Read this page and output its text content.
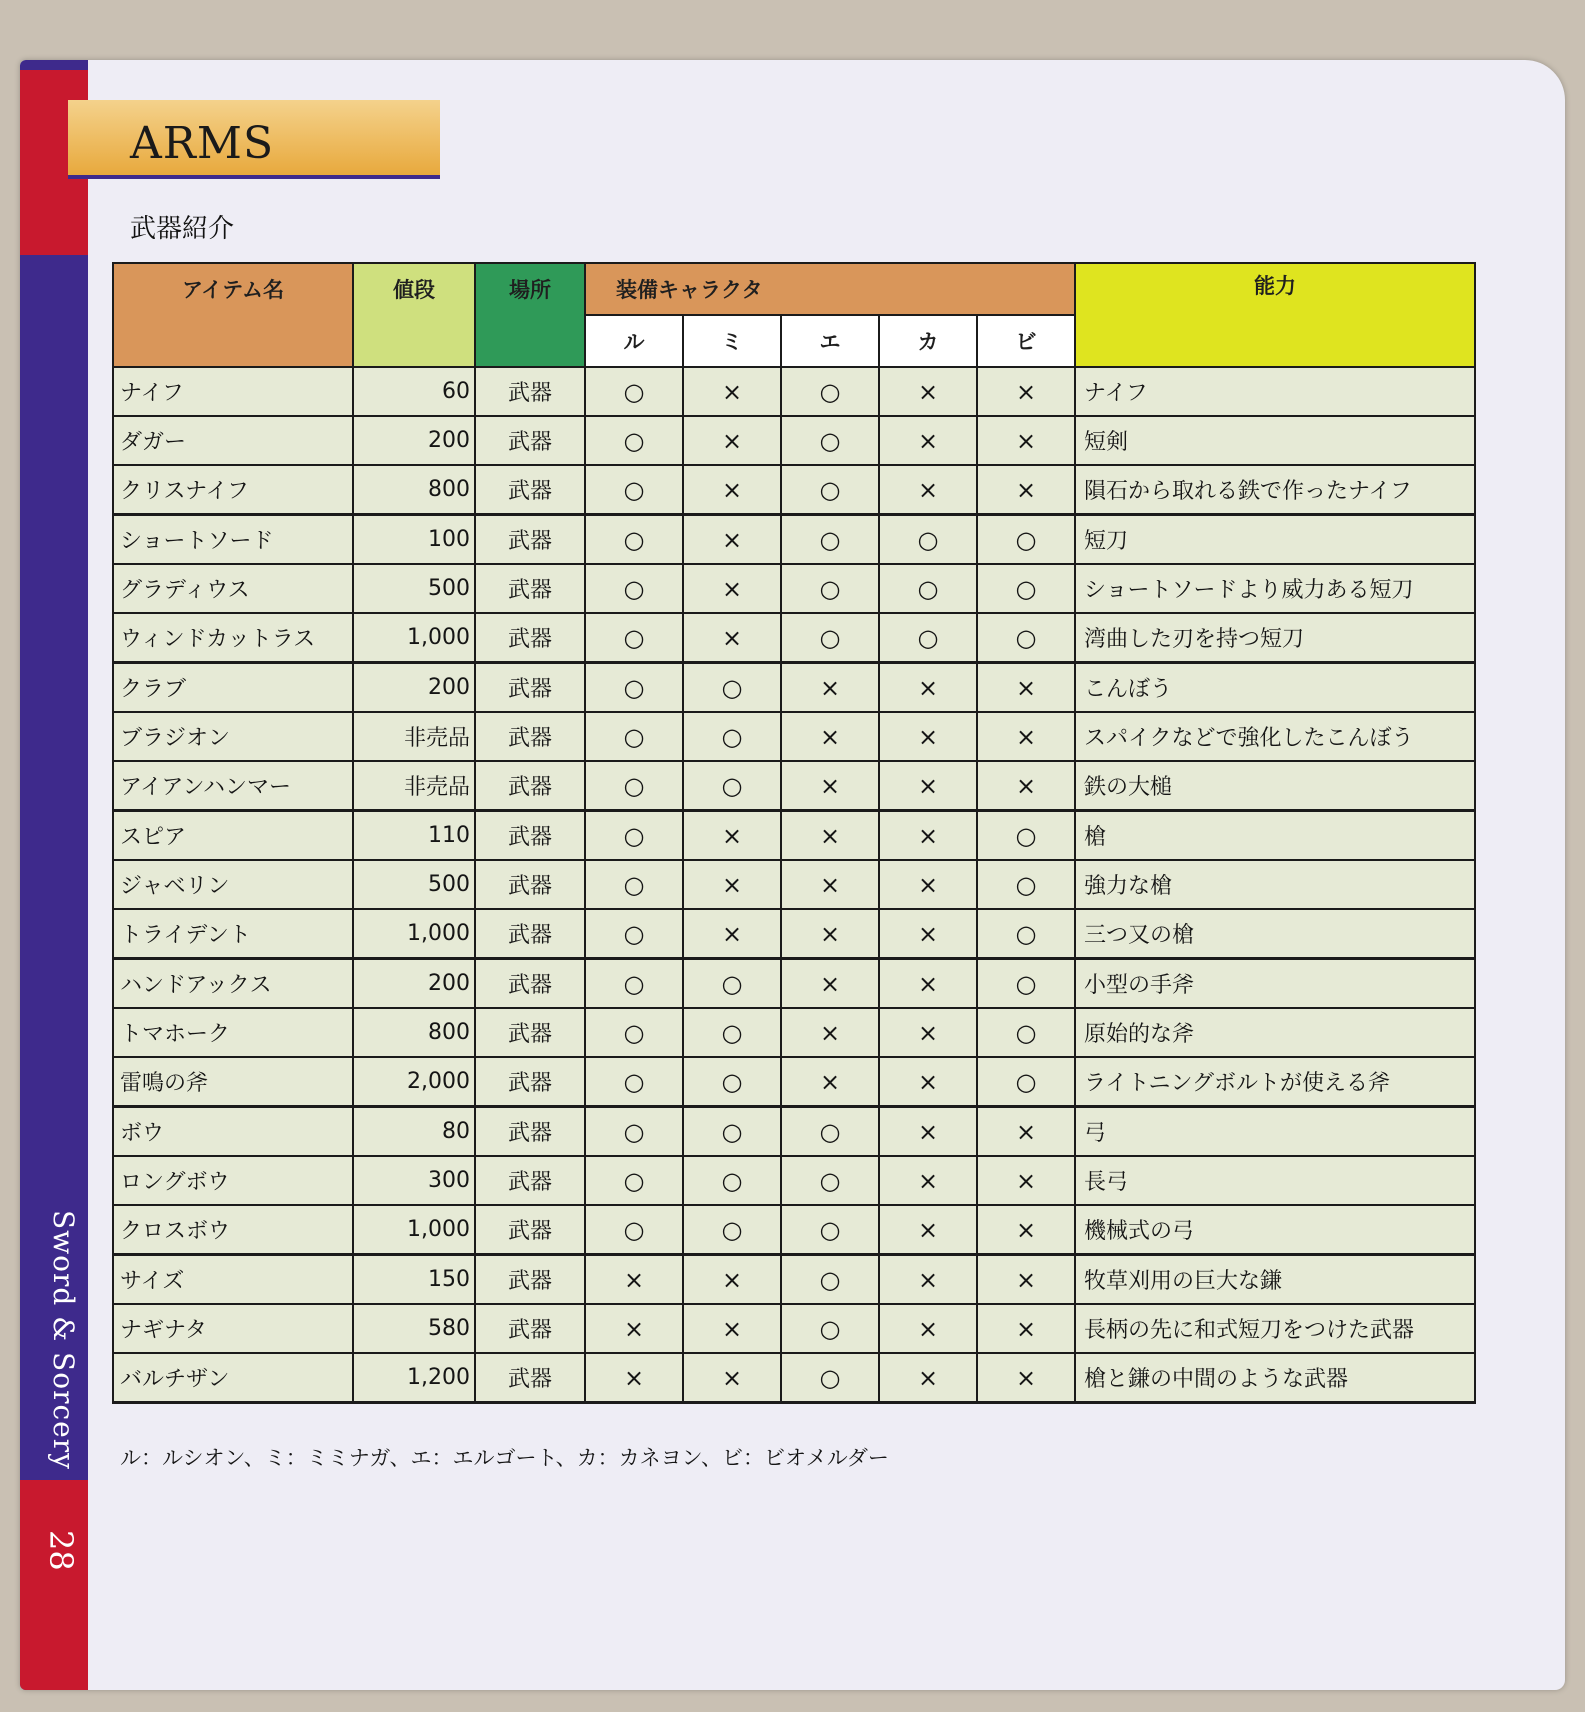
Sword & Sorcery
28
ARMS
武器紹介
アイテム名	値段	場所	装備キャラクタ					能力
			ル	ミ	エ	カ	ビ	
ナイフ	60	武器	○	×	○	×	×	ナイフ
ダガー	200	武器	○	×	○	×	×	短剣
クリスナイフ	800	武器	○	×	○	×	×	隕石から取れる鉄で作ったナイフ
ショートソード	100	武器	○	×	○	○	○	短刀
グラディウス	500	武器	○	×	○	○	○	ショートソードより威力ある短刀
ウィンドカットラス	1,000	武器	○	×	○	○	○	湾曲した刃を持つ短刀
クラブ	200	武器	○	○	×	×	×	こんぼう
ブラジオン	非売品	武器	○	○	×	×	×	スパイクなどで強化したこんぼう
アイアンハンマー	非売品	武器	○	○	×	×	×	鉄の大槌
スピア	110	武器	○	×	×	×	○	槍
ジャベリン	500	武器	○	×	×	×	○	強力な槍
トライデント	1,000	武器	○	×	×	×	○	三つ又の槍
ハンドアックス	200	武器	○	○	×	×	○	小型の手斧
トマホーク	800	武器	○	○	×	×	○	原始的な斧
雷鳴の斧	2,000	武器	○	○	×	×	○	ライトニングボルトが使える斧
ボウ	80	武器	○	○	○	×	×	弓
ロングボウ	300	武器	○	○	○	×	×	長弓
クロスボウ	1,000	武器	○	○	○	×	×	機械式の弓
サイズ	150	武器	×	×	○	×	×	牧草刈用の巨大な鎌
ナギナタ	580	武器	×	×	○	×	×	長柄の先に和式短刀をつけた武器
バルチザン	1,200	武器	×	×	○	×	×	槍と鎌の中間のような武器
ル：ルシオン、ミ：ミミナガ、エ：エルゴート、カ：カネヨン、ビ：ビオメルダー
